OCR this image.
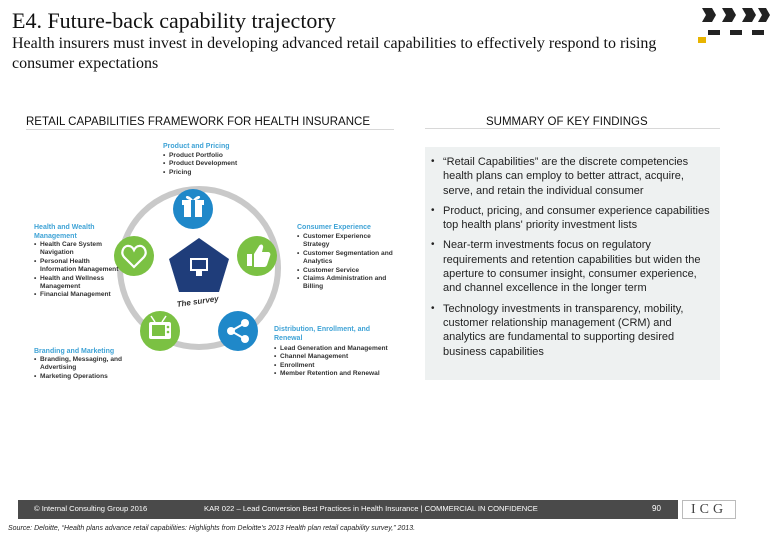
E4. Future-back capability trajectory
Health insurers must invest in developing advanced retail capabilities to effectively respond to rising consumer expectations
RETAIL CAPABILITIES FRAMEWORK FOR HEALTH INSURANCE	SUMMARY OF KEY FINDINGS
The survey
Product and Pricing
• Product Portfolio
• Product Development
• Pricing
Consumer Experience
• Customer Experience Strategy
• Customer Segmentation and Analytics
• Customer Service
• Claims Administration and Billing
Distribution, Enrollment, and Renewal
• Lead Generation and Management
• Channel Management
• Enrollment
• Member Retention and Renewal
Branding and Marketing
• Branding, Messaging, and Advertising
• Marketing Operations
Health and Wealth Management
• Health Care System Navigation
• Personal Health Information Management
• Health and Wellness Management
• Financial Management
• “Retail Capabilities” are the discrete competencies health plans can employ to better attract, acquire, serve, and retain the individual consumer
• Product, pricing, and consumer experience capabilities top health plans' priority investment lists
• Near-term investments focus on regulatory requirements and retention capabilities but widen the aperture to consumer insight, consumer experience, and channel excellence in the longer term
• Technology investments in transparency, mobility, customer relationship management (CRM) and analytics are fundamental to supporting desired business capabilities
© Internal Consulting Group 2016	KAR 022 – Lead Conversion Best Practices in Health Insurance | COMMERCIAL IN CONFIDENCE	90	ICG
Source: Deloitte, “Health plans advance retail capabilities: Highlights from Deloitte's 2013 Health plan retail capability survey,” 2013.
